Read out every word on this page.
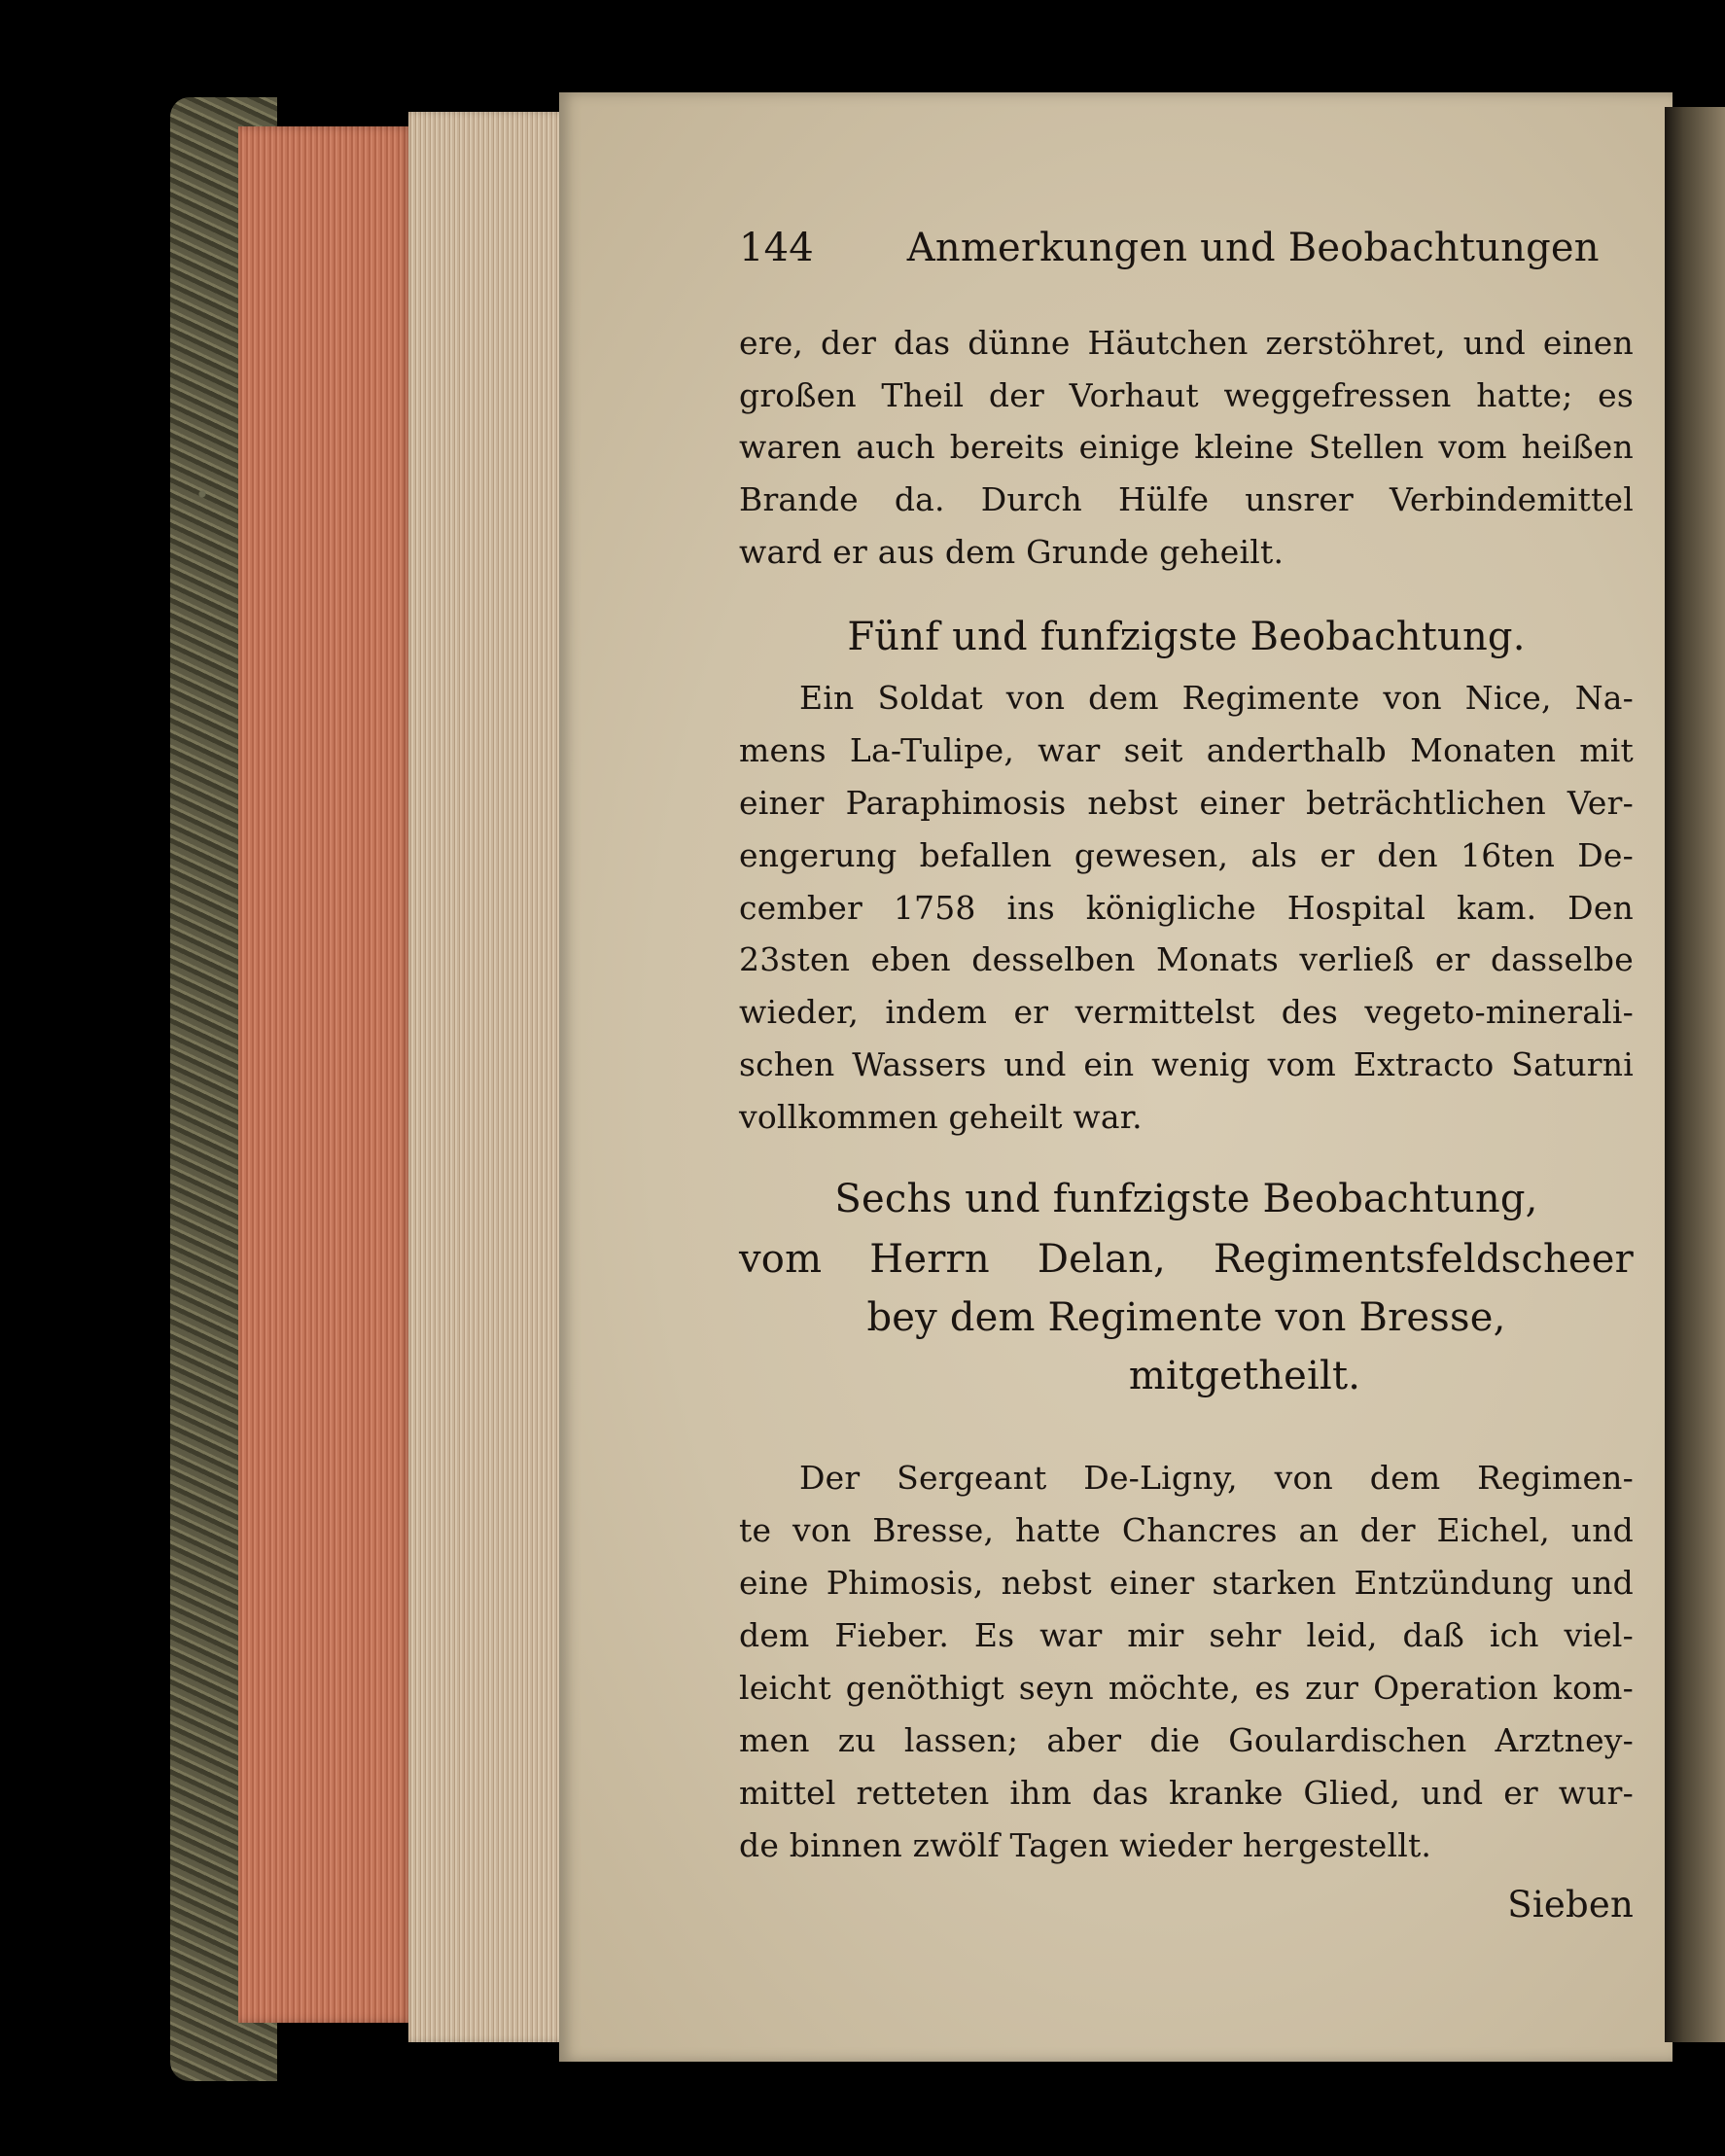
144 Anmerkungen und Beobachtungen
ere, der das dünne Häutchen zerstöhret, und einen
großen Theil der Vorhaut weggefressen hatte; es
waren auch bereits einige kleine Stellen vom heißen
Brande da. Durch Hülfe unsrer Verbindemittel
ward er aus dem Grunde geheilt.
Fünf und funfzigste Beobachtung.
Ein Soldat von dem Regimente von Nice, Na-
mens La-Tulipe, war seit anderthalb Monaten mit
einer Paraphimosis nebst einer beträchtlichen Ver-
engerung befallen gewesen, als er den 16ten De-
cember 1758 ins königliche Hospital kam. Den
23sten eben desselben Monats verließ er dasselbe
wieder, indem er vermittelst des vegeto-minerali-
schen Wassers und ein wenig vom Extracto Saturni
vollkommen geheilt war.
Sechs und funfzigste Beobachtung,
vom Herrn Delan, Regimentsfeldscheer
bey dem Regimente von Bresse,
mitgetheilt.
Der Sergeant De-Ligny, von dem Regimen-
te von Bresse, hatte Chancres an der Eichel, und
eine Phimosis, nebst einer starken Entzündung und
dem Fieber. Es war mir sehr leid, daß ich viel-
leicht genöthigt seyn möchte, es zur Operation kom-
men zu lassen; aber die Goulardischen Arztney-
mittel retteten ihm das kranke Glied, und er wur-
de binnen zwölf Tagen wieder hergestellt.
Sieben
